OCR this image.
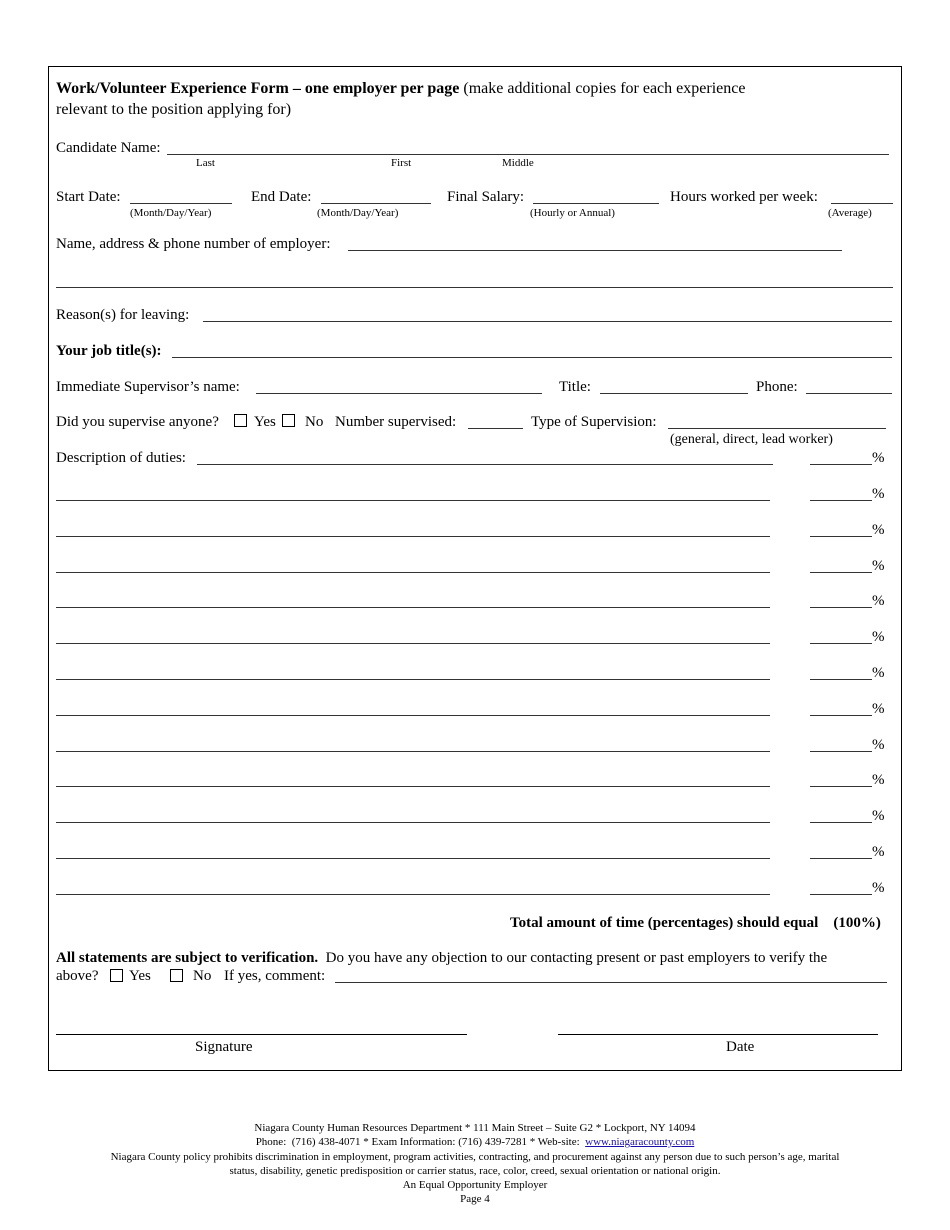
Work/Volunteer Experience Form – one employer per page (make additional copies for each experience
relevant to the position applying for)
Candidate Name:
Last	First	Middle
Start Date:
(Month/Day/Year)
End Date:
(Month/Day/Year)
Final Salary:
(Hourly or Annual)
Hours worked per week:
(Average)
Name, address & phone number of employer:
Reason(s) for leaving:
Your job title(s):
Immediate Supervisor’s name:	Title:	Phone:
Did you supervise anyone? Yes No Number supervised:	Type of Supervision:
(general, direct, lead worker)
Description of duties:	%
%
%
%
%
%
%
%
%
%
%
%
%
Total amount of time (percentages) should equal (100%)
All statements are subject to verification.  Do you have any objection to our contacting present or past employers to verify the
above? Yes	No If yes, comment:
Signature	Date
Niagara County Human Resources Department * 111 Main Street – Suite G2 * Lockport, NY 14094
Phone:  (716) 438-4071 * Exam Information: (716) 439-7281 * Web-site:  www.niagaracounty.com
Niagara County policy prohibits discrimination in employment, program activities, contracting, and procurement against any person due to such person’s age, marital
status, disability, genetic predisposition or carrier status, race, color, creed, sexual orientation or national origin.
An Equal Opportunity Employer
Page 4
